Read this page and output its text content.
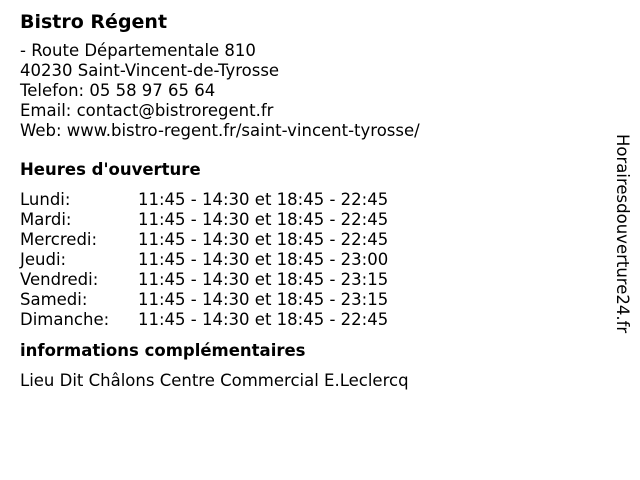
Bistro Régent
- Route Départementale 810
40230 Saint-Vincent-de-Tyrosse
Telefon: 05 58 97 65 64
Email: contact@bistroregent.fr
Web: www.bistro-regent.fr/saint-vincent-tyrosse/
Heures d'ouverture
Lundi:	11:45 - 14:30 et 18:45 - 22:45
Mardi:	11:45 - 14:30 et 18:45 - 22:45
Mercredi:	11:45 - 14:30 et 18:45 - 22:45
Jeudi:	11:45 - 14:30 et 18:45 - 23:00
Vendredi:	11:45 - 14:30 et 18:45 - 23:15
Samedi:	11:45 - 14:30 et 18:45 - 23:15
Dimanche:	11:45 - 14:30 et 18:45 - 22:45
informations complémentaires
Lieu Dit Châlons Centre Commercial E.Leclercq
Horairesdouverture24.fr
